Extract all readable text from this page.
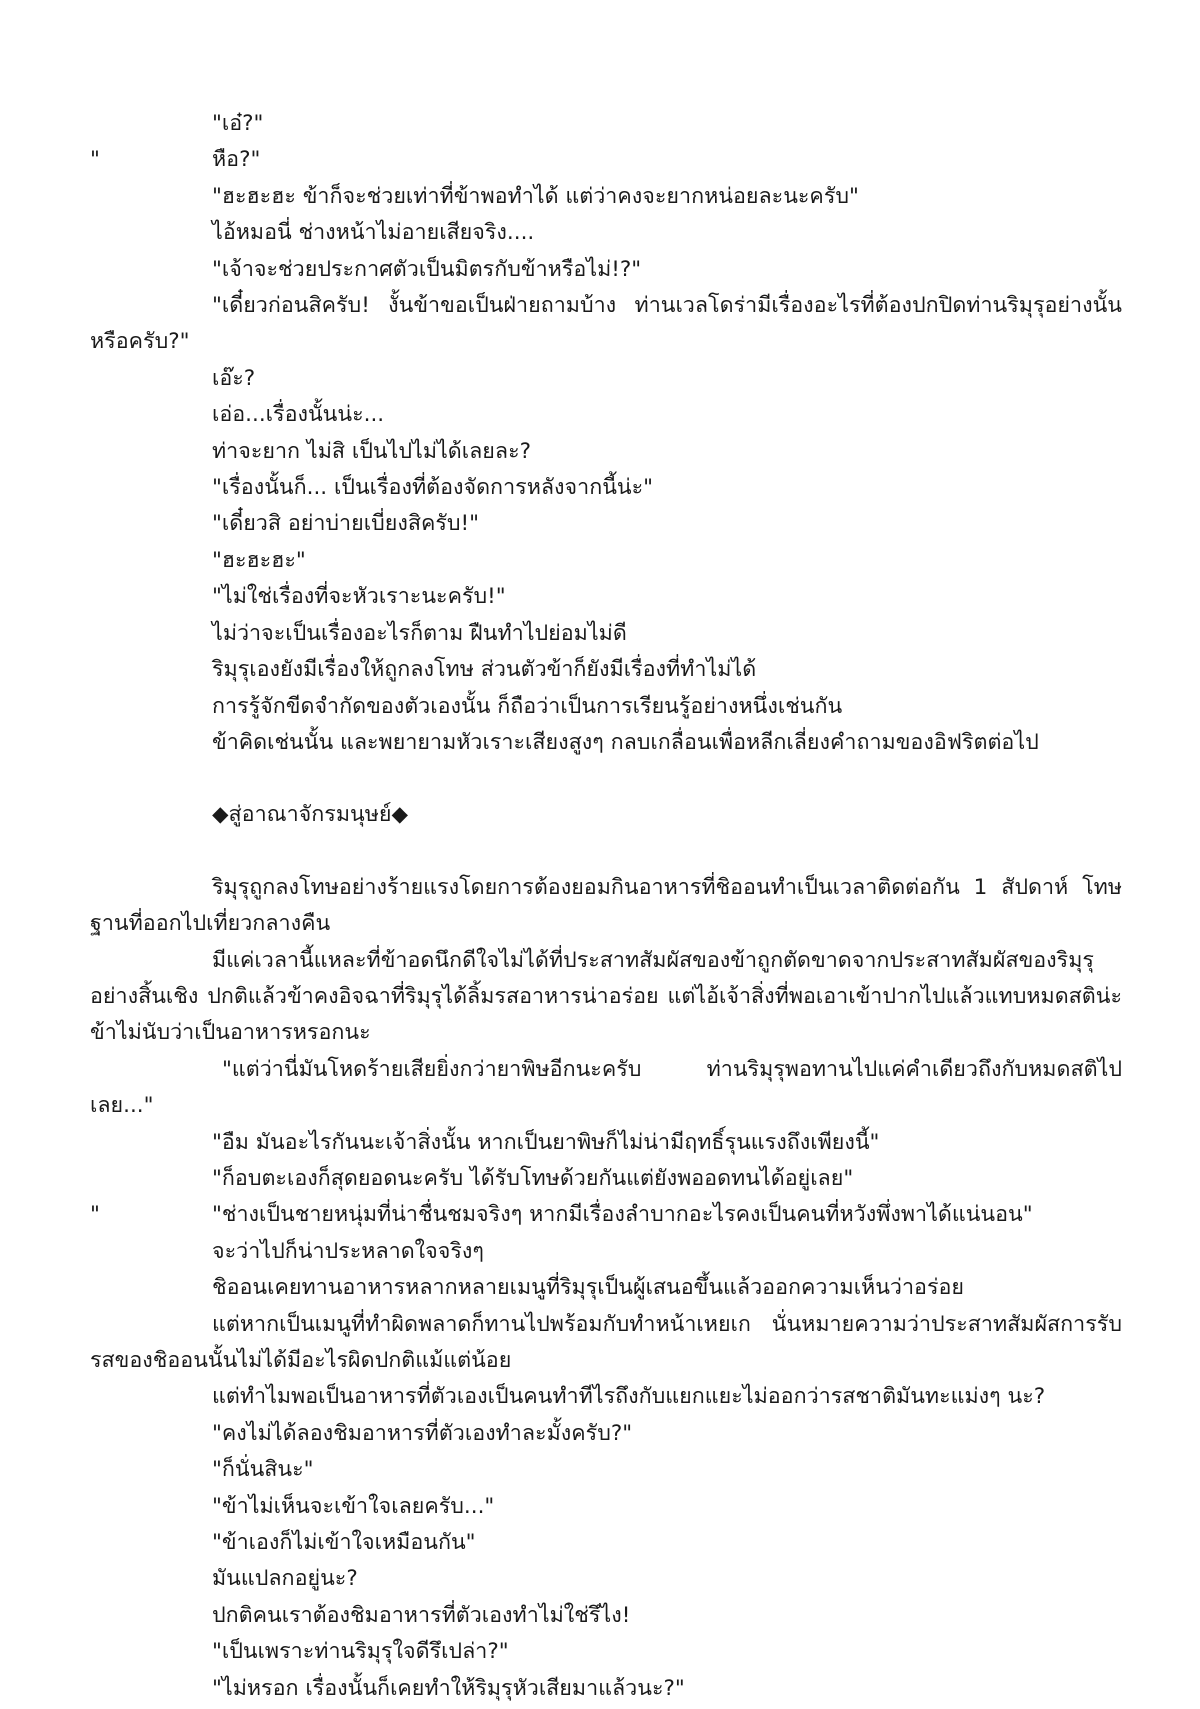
"เอ๋?"
"	หือ?"
"ฮะฮะฮะ ข้าก็จะช่วยเท่าที่ข้าพอทำได้ แต่ว่าคงจะยากหน่อยละนะครับ"
ไอ้หมอนี่ ช่างหน้าไม่อายเสียจริง....
"เจ้าจะช่วยประกาศตัวเป็นมิตรกับข้าหรือไม่!?"
"เดี๋ยวก่อนสิครับ! งั้นข้าขอเป็นฝ่ายถามบ้าง ท่านเวลโดร่ามีเรื่องอะไรที่ต้องปกปิดท่านริมุรุอย่างนั้นหรือครับ?"
เอ๊ะ?
เอ่อ...เรื่องนั้นน่ะ...
ท่าจะยาก ไม่สิ เป็นไปไม่ได้เลยละ?
"เรื่องนั้นก็... เป็นเรื่องที่ต้องจัดการหลังจากนี้น่ะ"
"เดี๋ยวสิ อย่าบ่ายเบี่ยงสิครับ!"
"ฮะฮะฮะ"
"ไม่ใช่เรื่องที่จะหัวเราะนะครับ!"
ไม่ว่าจะเป็นเรื่องอะไรก็ตาม ฝืนทำไปย่อมไม่ดี
ริมุรุเองยังมีเรื่องให้ถูกลงโทษ ส่วนตัวข้าก็ยังมีเรื่องที่ทำไม่ได้
การรู้จักขีดจำกัดของตัวเองนั้น ก็ถือว่าเป็นการเรียนรู้อย่างหนึ่งเช่นกัน
ข้าคิดเช่นนั้น และพยายามหัวเราะเสียงสูงๆ กลบเกลื่อนเพื่อหลีกเลี่ยงคำถามของอิฟริตต่อไป
◆สู่อาณาจักรมนุษย์◆
ริมุรุถูกลงโทษอย่างร้ายแรงโดยการต้องยอมกินอาหารที่ชิออนทำเป็นเวลาติดต่อกัน 1 สัปดาห์ โทษฐานที่ออกไปเที่ยวกลางคืน
มีแค่เวลานี้แหละที่ข้าอดนึกดีใจไม่ได้ที่ประสาทสัมผัสของข้าถูกตัดขาดจากประสาทสัมผัสของริมุรุอย่างสิ้นเชิง ปกติแล้วข้าคงอิจฉาที่ริมุรุได้ลิ้มรสอาหารน่าอร่อย แต่ไอ้เจ้าสิ่งที่พอเอาเข้าปากไปแล้วแทบหมดสติน่ะ ข้าไม่นับว่าเป็นอาหารหรอกนะ
"แต่ว่านี่มันโหดร้ายเสียยิ่งกว่ายาพิษอีกนะครับ ท่านริมุรุพอทานไปแค่คำเดียวถึงกับหมดสติไปเลย..."
"อืม มันอะไรกันนะเจ้าสิ่งนั้น หากเป็นยาพิษก็ไม่น่ามีฤทธิ์รุนแรงถึงเพียงนี้"
"ก็อบตะเองก็สุดยอดนะครับ ได้รับโทษด้วยกันแต่ยังพออดทนได้อยู่เลย"
"	"ช่างเป็นชายหนุ่มที่น่าชื่นชมจริงๆ หากมีเรื่องลำบากอะไรคงเป็นคนที่หวังพึ่งพาได้แน่นอน"
จะว่าไปก็น่าประหลาดใจจริงๆ
ชิออนเคยทานอาหารหลากหลายเมนูที่ริมุรุเป็นผู้เสนอขึ้นแล้วออกความเห็นว่าอร่อย
แต่หากเป็นเมนูที่ทำผิดพลาดก็ทานไปพร้อมกับทำหน้าเหยเก นั่นหมายความว่าประสาทสัมผัสการรับรสของชิออนนั้นไม่ได้มีอะไรผิดปกติแม้แต่น้อย
แต่ทำไมพอเป็นอาหารที่ตัวเองเป็นคนทำทีไรถึงกับแยกแยะไม่ออกว่ารสชาติมันทะแม่งๆ นะ?
"คงไม่ได้ลองชิมอาหารที่ตัวเองทำละมั้งครับ?"
"ก็นั่นสินะ"
"ข้าไม่เห็นจะเข้าใจเลยครับ..."
"ข้าเองก็ไม่เข้าใจเหมือนกัน"
มันแปลกอยู่นะ?
ปกติคนเราต้องชิมอาหารที่ตัวเองทำไม่ใช่รึไง!
"เป็นเพราะท่านริมุรุใจดีรึเปล่า?"
"ไม่หรอก เรื่องนั้นก็เคยทำให้ริมุรุหัวเสียมาแล้วนะ?"
